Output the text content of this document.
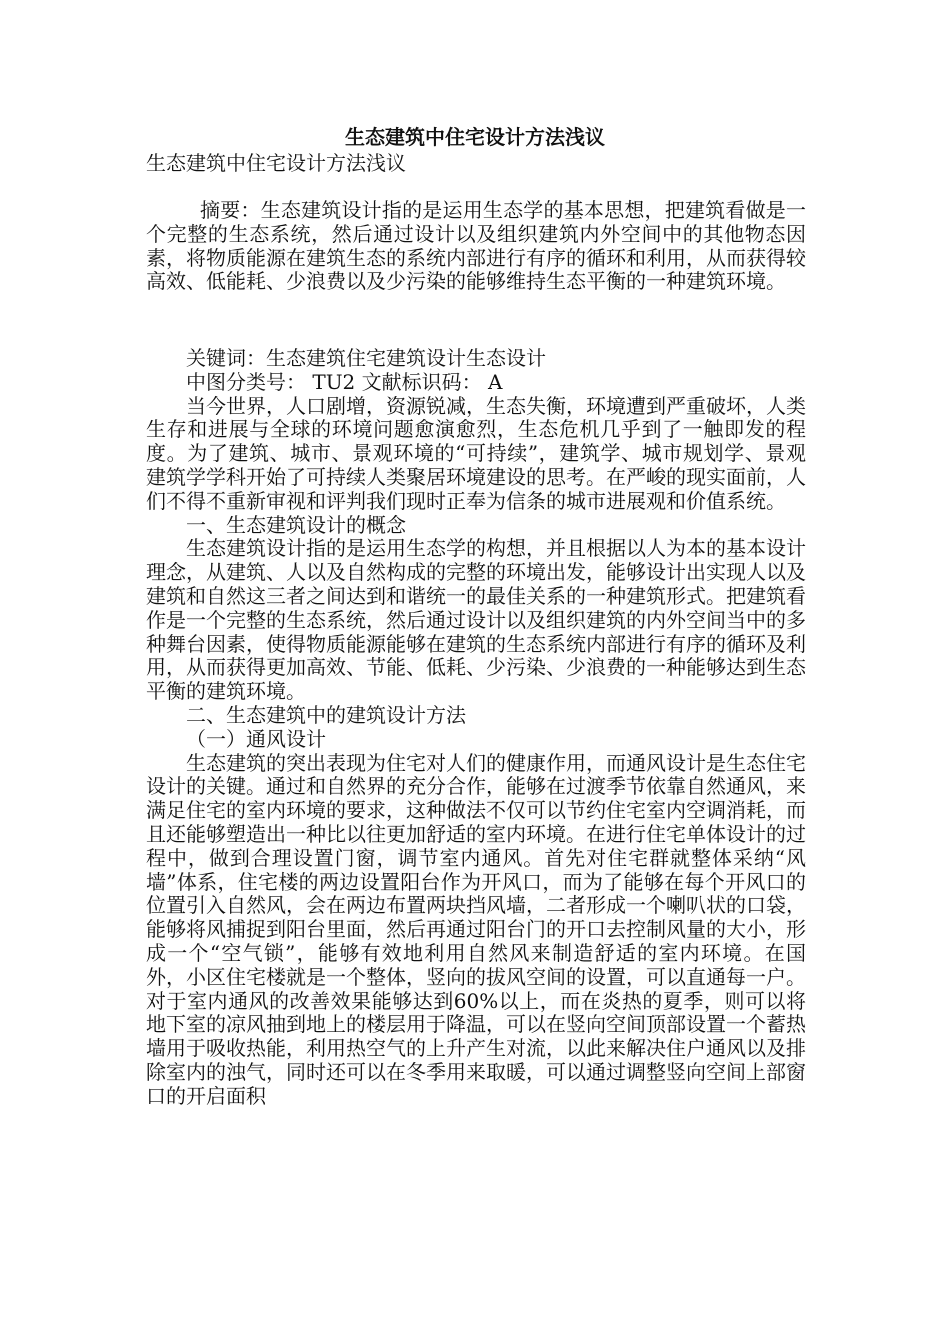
生态建筑中住宅设计方法浅议
生态建筑中住宅设计方法浅议

摘要：生态建筑设计指的是运用生态学的基本思想，把建筑看做是一个完整的生态系统，然后通过设计以及组织建筑内外空间中的其他物态因素，将物质能源在建筑生态的系统内部进行有序的循环和利用，从而获得较高效、低能耗、少浪费以及少污染的能够维持生态平衡的一种建筑环境。

关键词：生态建筑住宅建筑设计生态设计

中图分类号： TU2 文献标识码： A

当今世界，人口剧增，资源锐减，生态失衡，环境遭到严重破坏，人类生存和进展与全球的环境问题愈演愈烈，生态危机几乎到了一触即发的程度。为了建筑、城市、景观环境的“可持续”，建筑学、城市规划学、景观建筑学学科开始了可持续人类聚居环境建设的思考。在严峻的现实面前，人们不得不重新审视和评判我们现时正奉为信条的城市进展观和价值系统。

一、生态建筑设计的概念

生态建筑设计指的是运用生态学的构想，并且根据以人为本的基本设计理念，从建筑、人以及自然构成的完整的环境出发，能够设计出实现人以及建筑和自然这三者之间达到和谐统一的最佳关系的一种建筑形式。把建筑看作是一个完整的生态系统，然后通过设计以及组织建筑的内外空间当中的多种舞台因素，使得物质能源能够在建筑的生态系统内部进行有序的循环及利用，从而获得更加高效、节能、低耗、少污染、少浪费的一种能够达到生态平衡的建筑环境。

二、生态建筑中的建筑设计方法

（一）通风设计

生态建筑的突出表现为住宅对人们的健康作用，而通风设计是生态住宅设计的关键。通过和自然界的充分合作，能够在过渡季节依靠自然通风，来满足住宅的室内环境的要求，这种做法不仅可以节约住宅室内空调消耗，而且还能够塑造出一种比以往更加舒适的室内环境。在进行住宅单体设计的过程中，做到合理设置门窗，调节室内通风。首先对住宅群就整体采纳“风墙”体系，住宅楼的两边设置阳台作为开风口，而为了能够在每个开风口的位置引入自然风，会在两边布置两块挡风墙，二者形成一个喇叭状的口袋，能够将风捕捉到阳台里面，然后再通过阳台门的开口去控制风量的大小，形成一个“空气锁”，能够有效地利用自然风来制造舒适的室内环境。在国外，小区住宅楼就是一个整体，竖向的拔风空间的设置，可以直通每一户。对于室内通风的改善效果能够达到60%以上，而在炎热的夏季，则可以将地下室的凉风抽到地上的楼层用于降温，可以在竖向空间顶部设置一个蓄热墙用于吸收热能，利用热空气的上升产生对流，以此来解决住户通风以及排除室内的浊气，同时还可以在冬季用来取暖，可以通过调整竖向空间上部窗口的开启面积
